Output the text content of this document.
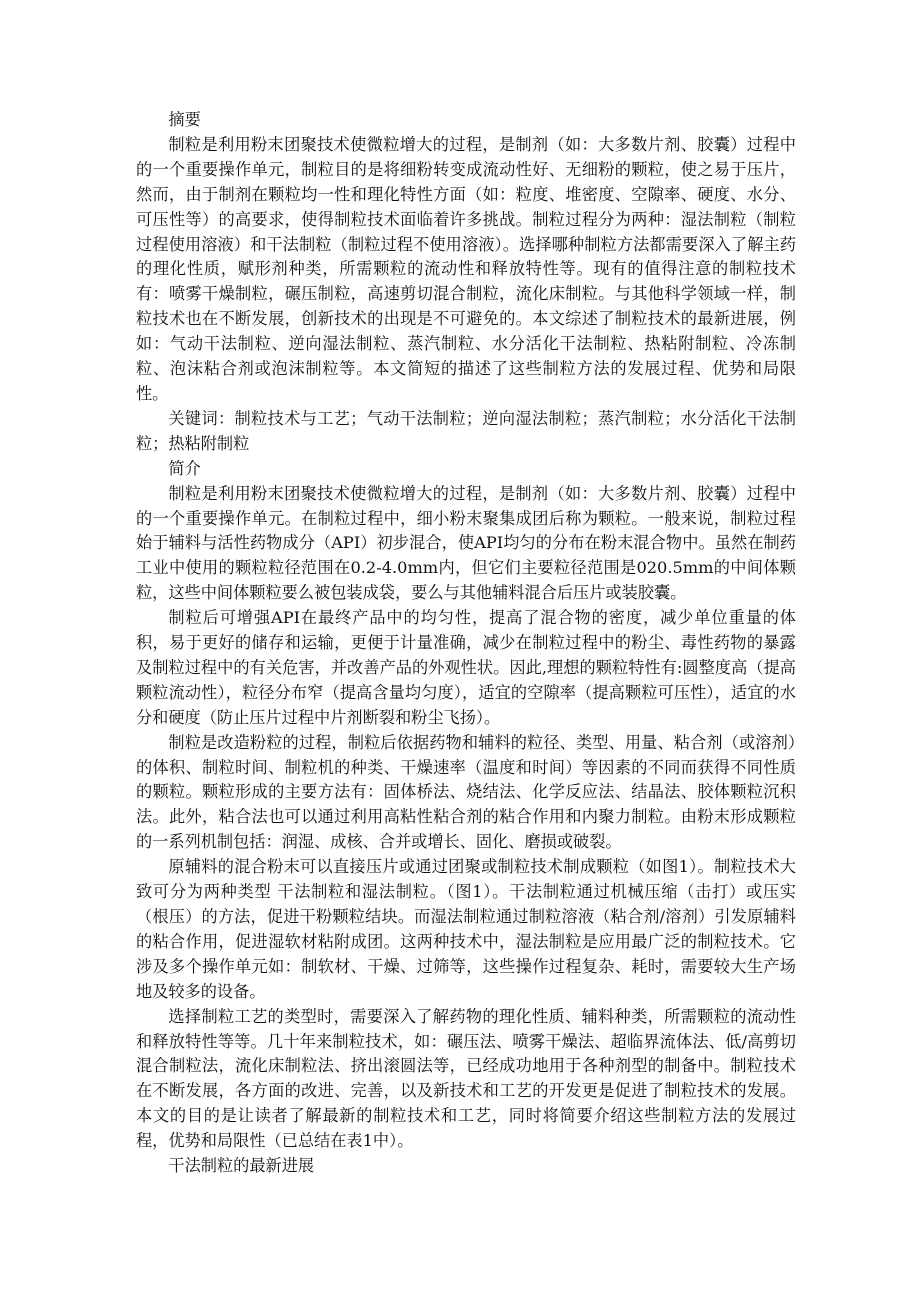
摘要

制粒是利用粉末团聚技术使微粒增大的过程，是制剂（如：大多数片剂、胶囊）过程中的一个重要操作单元，制粒目的是将细粉转变成流动性好、无细粉的颗粒，使之易于压片，然而，由于制剂在颗粒均一性和理化特性方面（如：粒度、堆密度、空隙率、硬度、水分、可压性等）的高要求，使得制粒技术面临着许多挑战。制粒过程分为两种：湿法制粒（制粒过程使用溶液）和干法制粒（制粒过程不使用溶液）。选择哪种制粒方法都需要深入了解主药的理化性质，赋形剂种类，所需颗粒的流动性和释放特性等。现有的值得注意的制粒技术有：喷雾干燥制粒，碾压制粒，高速剪切混合制粒，流化床制粒。与其他科学领域一样，制粒技术也在不断发展，创新技术的出现是不可避免的。本文综述了制粒技术的最新进展，例如：气动干法制粒、逆向湿法制粒、蒸汽制粒、水分活化干法制粒、热粘附制粒、冷冻制粒、泡沫粘合剂或泡沫制粒等。本文简短的描述了这些制粒方法的发展过程、优势和局限性。

关键词：制粒技术与工艺；气动干法制粒；逆向湿法制粒；蒸汽制粒；水分活化干法制粒；热粘附制粒

简介

制粒是利用粉末团聚技术使微粒增大的过程，是制剂（如：大多数片剂、胶囊）过程中的一个重要操作单元。在制粒过程中，细小粉末聚集成团后称为颗粒。一般来说，制粒过程始于辅料与活性药物成分（API）初步混合，使API均匀的分布在粉末混合物中。虽然在制药工业中使用的颗粒粒径范围在0.2-4.0mm内，但它们主要粒径范围是020.5mm的中间体颗粒，这些中间体颗粒要么被包装成袋，要么与其他辅料混合后压片或装胶囊。

制粒后可增强API在最终产品中的均匀性，提高了混合物的密度，减少单位重量的体积，易于更好的储存和运输，更便于计量准确，减少在制粒过程中的粉尘、毒性药物的暴露及制粒过程中的有关危害，并改善产品的外观性状。因此,理想的颗粒特性有:圆整度高（提高颗粒流动性），粒径分布窄（提高含量均匀度），适宜的空隙率（提高颗粒可压性），适宜的水分和硬度（防止压片过程中片剂断裂和粉尘飞扬）。

制粒是改造粉粒的过程，制粒后依据药物和辅料的粒径、类型、用量、粘合剂（或溶剂）的体积、制粒时间、制粒机的种类、干燥速率（温度和时间）等因素的不同而获得不同性质的颗粒。颗粒形成的主要方法有：固体桥法、烧结法、化学反应法、结晶法、胶体颗粒沉积法。此外，粘合法也可以通过利用高粘性粘合剂的粘合作用和内聚力制粒。由粉末形成颗粒的一系列机制包括：润湿、成核、合并或增长、固化、磨损或破裂。

原辅料的混合粉末可以直接压片或通过团聚或制粒技术制成颗粒（如图1）。制粒技术大致可分为两种类型 干法制粒和湿法制粒。（图1）。干法制粒通过机械压缩（击打）或压实（根压）的方法，促进干粉颗粒结块。而湿法制粒通过制粒溶液（粘合剂/溶剂）引发原辅料的粘合作用，促进湿软材粘附成团。这两种技术中，湿法制粒是应用最广泛的制粒技术。它涉及多个操作单元如：制软材、干燥、过筛等，这些操作过程复杂、耗时，需要较大生产场地及较多的设备。

选择制粒工艺的类型时，需要深入了解药物的理化性质、辅料种类，所需颗粒的流动性和释放特性等等。几十年来制粒技术，如：碾压法、喷雾干燥法、超临界流体法、低/高剪切混合制粒法，流化床制粒法、挤出滚圆法等，已经成功地用于各种剂型的制备中。制粒技术在不断发展，各方面的改进、完善，以及新技术和工艺的开发更是促进了制粒技术的发展。本文的目的是让读者了解最新的制粒技术和工艺，同时将简要介绍这些制粒方法的发展过程，优势和局限性（已总结在表1中）。

干法制粒的最新进展
